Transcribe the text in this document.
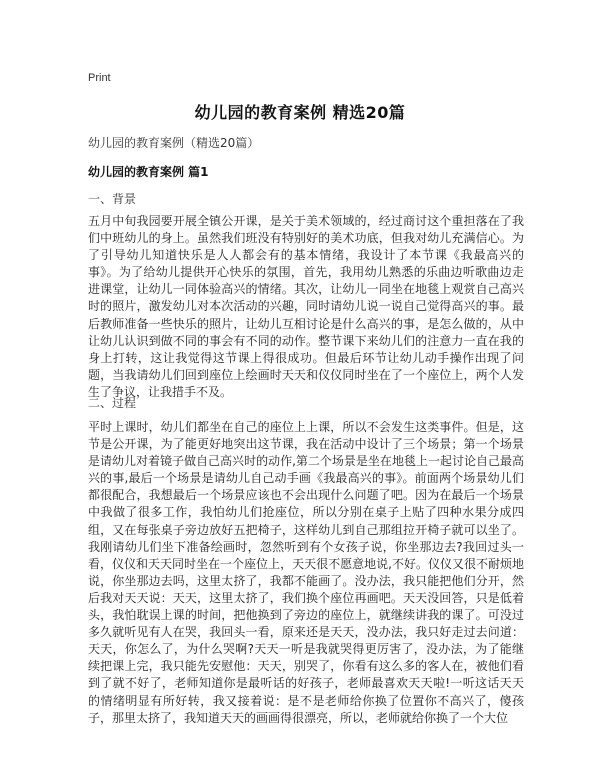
Print
幼儿园的教育案例 精选20篇
幼儿园的教育案例（精选20篇）
幼儿园的教育案例 篇1
一、背景

五月中旬我园要开展全镇公开课，是关于美术领域的，经过商讨这个重担落在了我们中班幼儿的身上。虽然我们班没有特别好的美术功底，但我对幼儿充满信心。为了引导幼儿知道快乐是人人都会有的基本情绪，我设计了本节课《我最高兴的事》。为了给幼儿提供开心快乐的氛围，首先，我用幼儿熟悉的乐曲边听歌曲边走进课堂，让幼儿一同体验高兴的情绪。其次，让幼儿一同坐在地毯上观赏自己高兴时的照片，激发幼儿对本次活动的兴趣，同时请幼儿说一说自己觉得高兴的事。最后教师准备一些快乐的照片，让幼儿互相讨论是什么高兴的事，是怎么做的，从中让幼儿认识到做不同的事会有不同的动作。整节课下来幼儿们的注意力一直在我的身上打转，这让我觉得这节课上得很成功。但最后环节让幼儿动手操作出现了问题，当我请幼儿们回到座位上绘画时天天和仪仪同时坐在了一个座位上，两个人发生了争议，让我措手不及。

二、过程

平时上课时，幼儿们都坐在自己的座位上上课，所以不会发生这类事件。但是，这节是公开课，为了能更好地突出这节课，我在活动中设计了三个场景；第一个场景是请幼儿对着镜子做自己高兴时的动作,第二个场景是坐在地毯上一起讨论自己最高兴的事,最后一个场景是请幼儿自己动手画《我最高兴的事》。前面两个场景幼儿们都很配合，我想最后一个场景应该也不会出现什么问题了吧。因为在最后一个场景中我做了很多工作，我怕幼儿们抢座位，所以分别在桌子上贴了四种水果分成四组，又在每张桌子旁边放好五把椅子，这样幼儿到自己那组拉开椅子就可以坐了。我刚请幼儿们坐下准备绘画时，忽然听到有个女孩子说，你坐那边去?我回过头一看，仪仪和天天同时坐在一个座位上，天天很不愿意地说,不好。仪仪又很不耐烦地说，你坐那边去吗，这里太挤了，我都不能画了。没办法，我只能把他们分开，然后我对天天说：天天，这里太挤了，我们换个座位再画吧。天天没回答，只是低着头，我怕耽误上课的时间，把他换到了旁边的座位上，就继续讲我的课了。可没过多久就听见有人在哭，我回头一看，原来还是天天，没办法，我只好走过去问道：天天，你怎么了，为什么哭啊?天天一听是我就哭得更厉害了，没办法，为了能继续把课上完，我只能先安慰他：天天，别哭了，你看有这么多的客人在，被他们看到了就不好了，老师知道你是最听话的好孩子，老师最喜欢天天啦!一听这话天天的情绪明显有所好转，我又接着说：是不是老师给你换了位置你不高兴了，傻孩子，那里太挤了，我知道天天的画画得很漂亮，所以，老师就给你换了一个大位
